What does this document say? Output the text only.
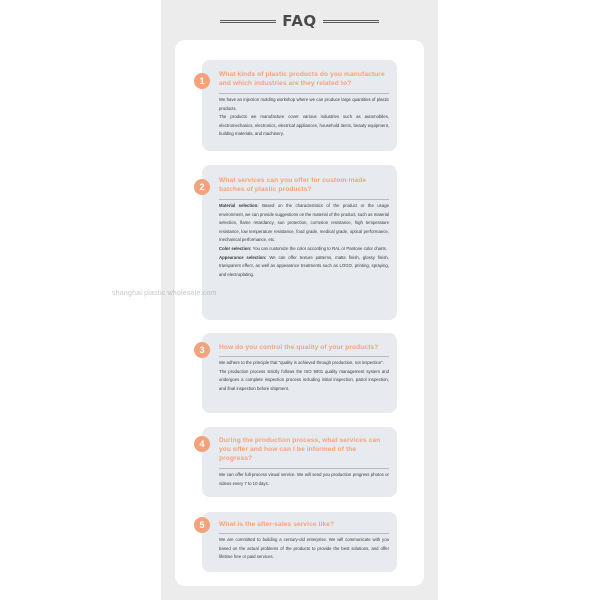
FAQ
1
What kinds of plastic products do you manufacture and which industries are they related to?

We have an injection molding workshop where we can produce large quantities of plastic products.

The products we manufacture cover various industries such as automobiles, electromechanics, electronics, electrical appliances, household items, beauty equipment, building materials, and machinery.

2
What services can you offer for custom-made batches of plastic products?

Material selection: Based on the characteristics of the product or the usage environment, we can provide suggestions on the material of the product, such as material selection, flame retardancy, sun protection, corrosion resistance, high temperature resistance, low temperature resistance, food grade, medical grade, optical performance, mechanical performance, etc.

Color selection: You can customize the color according to RAL or Pantone color charts.

Appearance selection: We can offer texture patterns, matte finish, glossy finish, transparent effect, as well as appearance treatments such as LOGO, printing, spraying, and electroplating.

3	How do you control the quality of your products?

We adhere to the principle that "quality is achieved through production, not inspection".

The production process strictly follows the ISO 9001 quality management system and undergoes a complete inspection process including initial inspection, patrol inspection, and final inspection before shipment.

4	During the production process, what services can you offer and how can I be informed of the progress?

We can offer full-process visual service. We will send you production progress photos or videos every 7 to 10 days.

5	What is the after-sales service like?

We are committed to building a century-old enterprise. We will communicate with you based on the actual problems of the products to provide the best solutions, and offer lifetime free or paid services.

shanghai plastic wholesale.com
